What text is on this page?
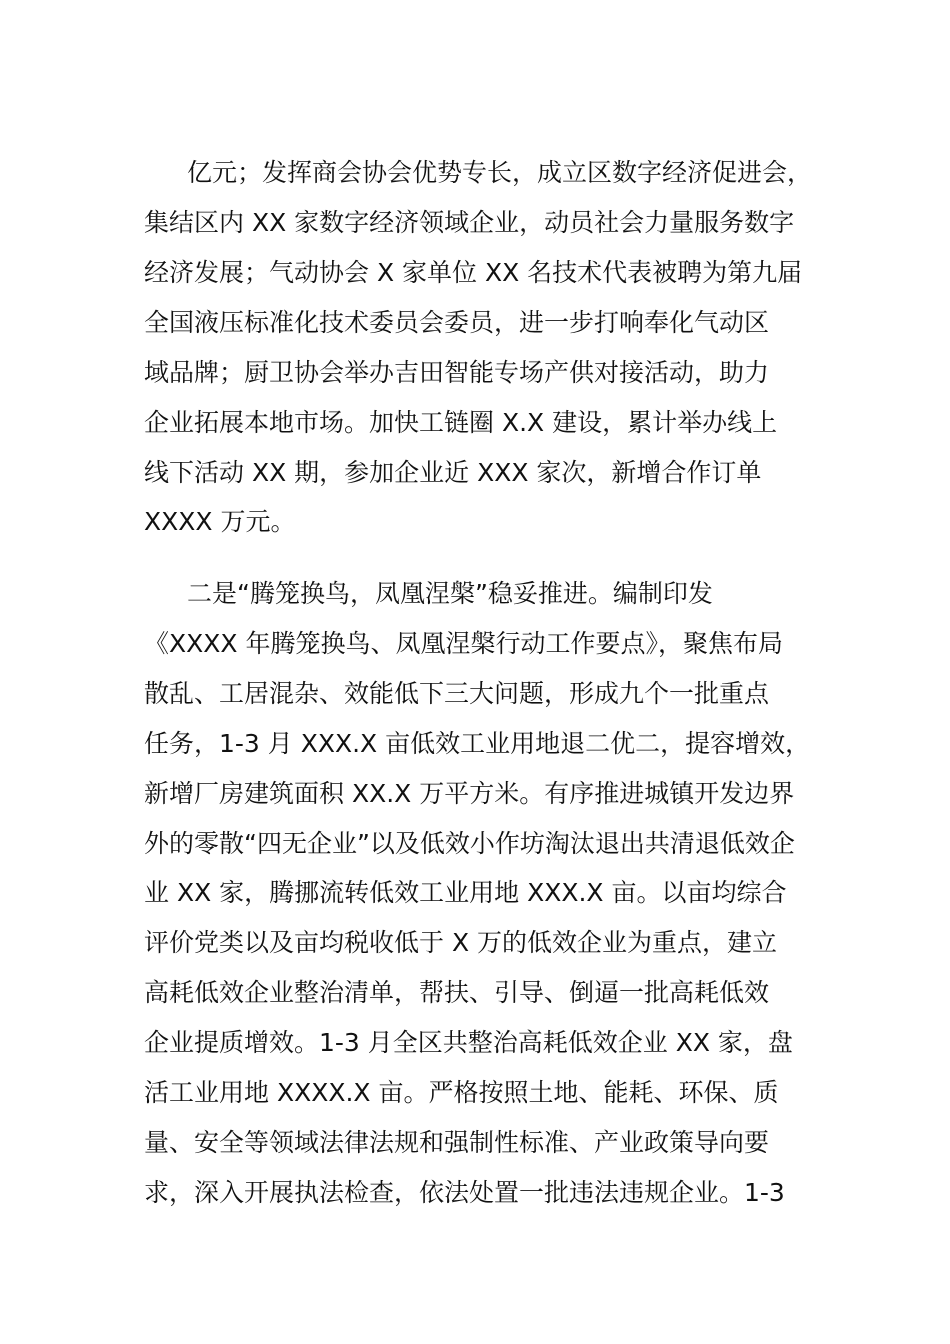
亿元；发挥商会协会优势专长，成立区数字经济促进会，

集结区内 XX 家数字经济领域企业，动员社会力量服务数字

经济发展；气动协会 X 家单位 XX 名技术代表被聘为第九届

全国液压标准化技术委员会委员，进一步打响奉化气动区

域品牌；厨卫协会举办吉田智能专场产供对接活动，助力

企业拓展本地市场。加快工链圈 X.X 建设，累计举办线上

线下活动 XX 期，参加企业近 XXX 家次，新增合作订单

XXXX 万元。

二是“腾笼换鸟，凤凰涅槃”稳妥推进。编制印发

《XXXX 年腾笼换鸟、凤凰涅槃行动工作要点》，聚焦布局

散乱、工居混杂、效能低下三大问题，形成九个一批重点

任务，1-3 月 XXX.X 亩低效工业用地退二优二，提容增效，

新增厂房建筑面积 XX.X 万平方米。有序推进城镇开发边界

外的零散“四无企业”以及低效小作坊淘汰退出共清退低效企

业 XX 家，腾挪流转低效工业用地 XXX.X 亩。以亩均综合

评价党类以及亩均税收低于 X 万的低效企业为重点，建立

高耗低效企业整治清单，帮扶、引导、倒逼一批高耗低效

企业提质增效。1-3 月全区共整治高耗低效企业 XX 家，盘

活工业用地 XXXX.X 亩。严格按照土地、能耗、环保、质

量、安全等领域法律法规和强制性标准、产业政策导向要

求，深入开展执法检查，依法处置一批违法违规企业。1-3
